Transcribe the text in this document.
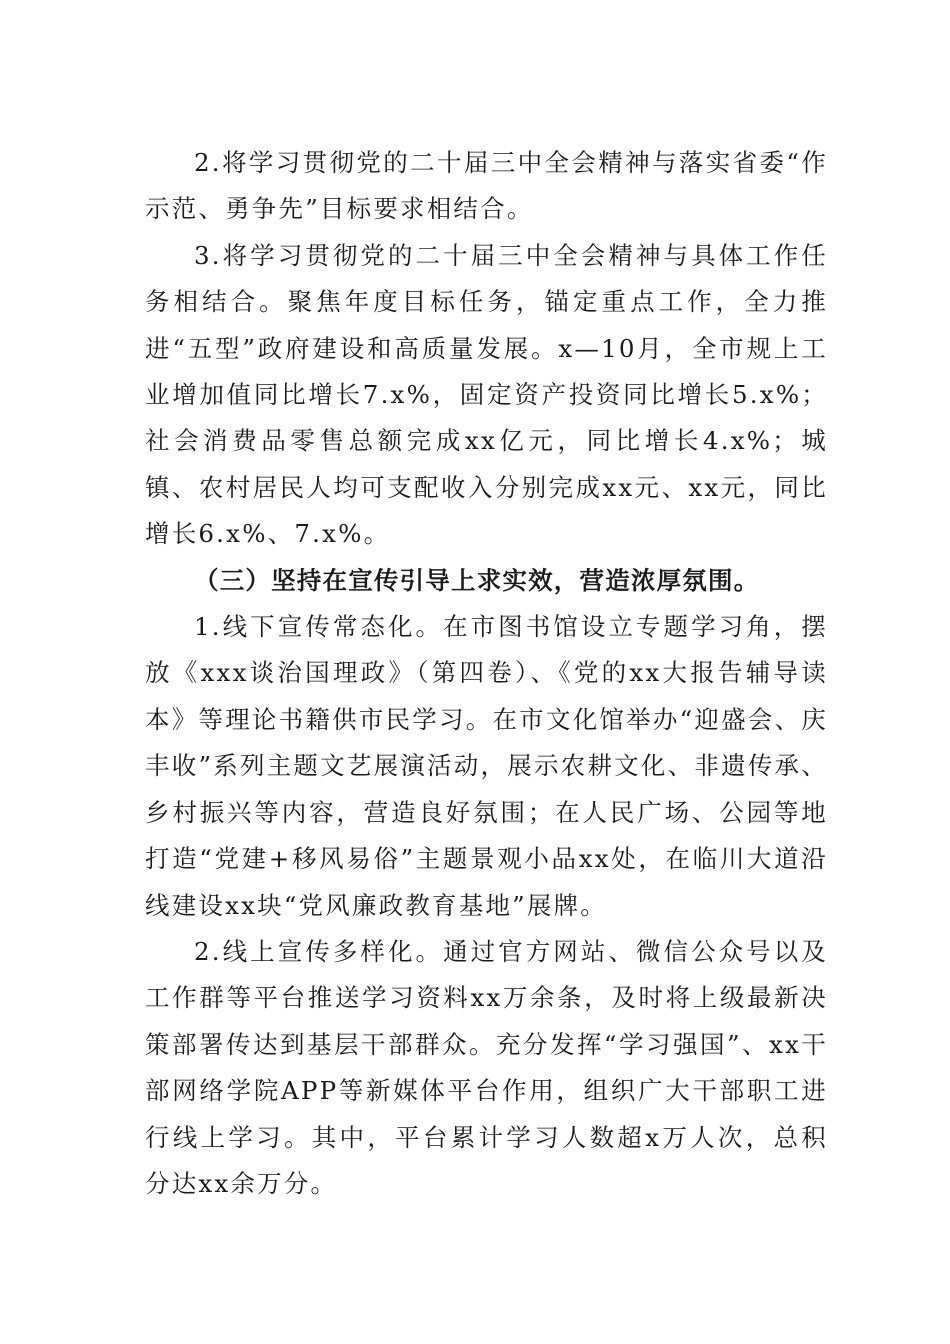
2.将学习贯彻党的二十届三中全会精神与落实省委“作示范、勇争先”目标要求相结合。

3.将学习贯彻党的二十届三中全会精神与具体工作任务相结合。聚焦年度目标任务，锚定重点工作，全力推进“五型”政府建设和高质量发展。x—10月，全市规上工业增加值同比增长7.x%，固定资产投资同比增长5.x%；社会消费品零售总额完成xx亿元，同比增长4.x%；城镇、农村居民人均可支配收入分别完成xx元、xx元，同比增长6.x%、7.x%。

（三）坚持在宣传引导上求实效，营造浓厚氛围。

1.线下宣传常态化。在市图书馆设立专题学习角，摆放《xxx谈治国理政》（第四卷）、《党的xx大报告辅导读本》等理论书籍供市民学习。在市文化馆举办“迎盛会、庆丰收”系列主题文艺展演活动，展示农耕文化、非遗传承、乡村振兴等内容，营造良好氛围；在人民广场、公园等地打造“党建+移风易俗”主题景观小品xx处，在临川大道沿线建设xx块“党风廉政教育基地”展牌。

2.线上宣传多样化。通过官方网站、微信公众号以及工作群等平台推送学习资料xx万余条，及时将上级最新决策部署传达到基层干部群众。充分发挥“学习强国”、xx干部网络学院APP等新媒体平台作用，组织广大干部职工进行线上学习。其中，平台累计学习人数超x万人次，总积分达xx余万分。
